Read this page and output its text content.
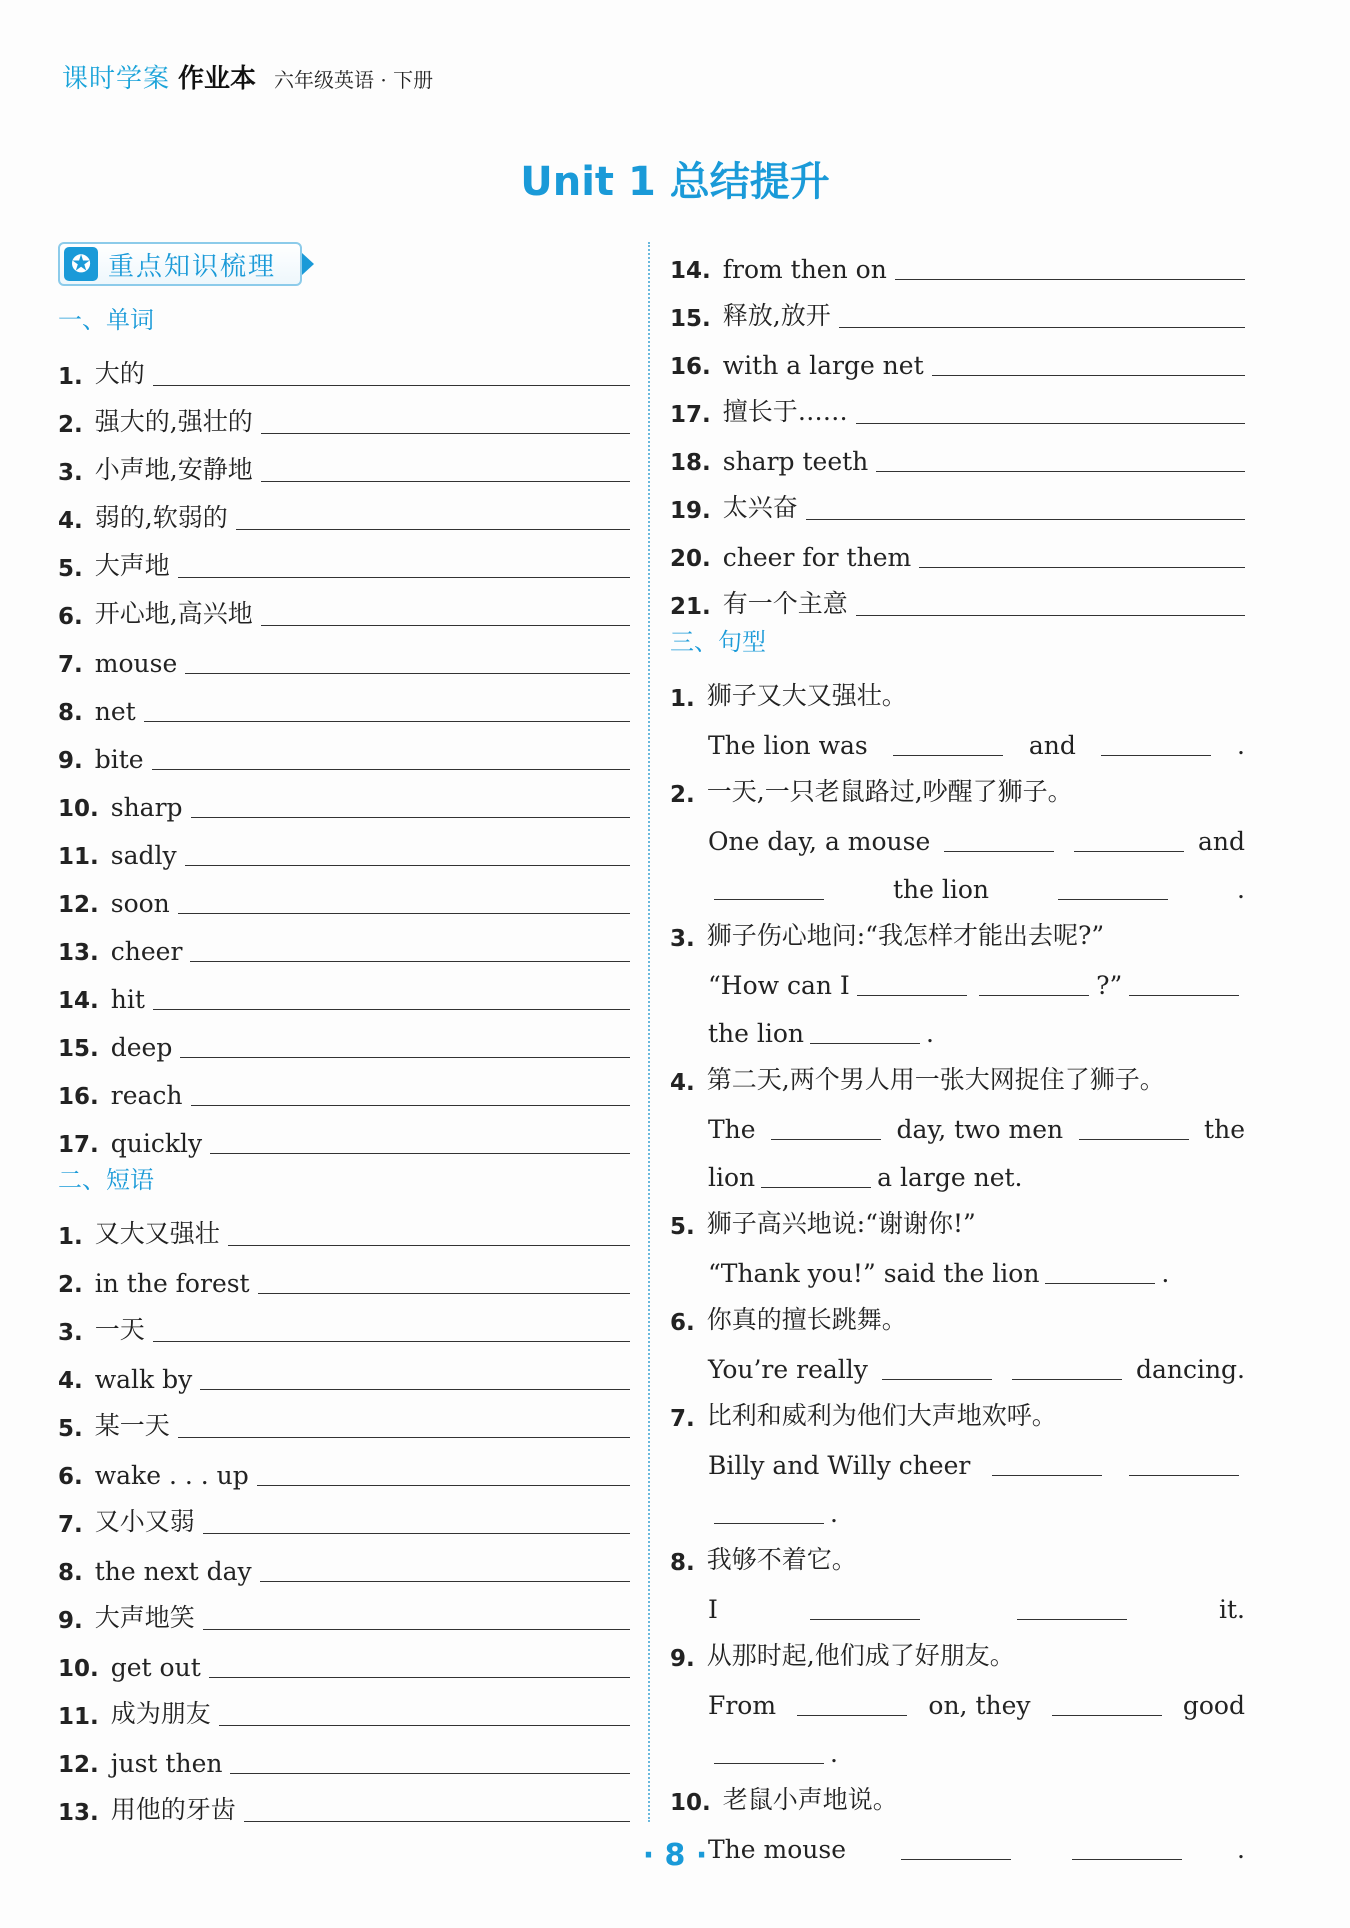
课时学案 作业本 六年级英语 · 下册
Unit 1 总结提升
✪ 重点知识梳理
一、单词
1. 大的
2. 强大的,强壮的
3. 小声地,安静地
4. 弱的,软弱的
5. 大声地
6. 开心地,高兴地
7. mouse
8. net
9. bite
10. sharp
11. sadly
12. soon
13. cheer
14. hit
15. deep
16. reach
17. quickly
二、短语
1. 又大又强壮
2. in the forest
3. 一天
4. walk by
5. 某一天
6. wake . . . up
7. 又小又弱
8. the next day
9. 大声地笑
10. get out
11. 成为朋友
12. just then
13. 用他的牙齿
14. from then on
15. 释放,放开
16. with a large net
17. 擅长于……
18. sharp teeth
19. 太兴奋
20. cheer for them
21. 有一个主意
三、句型
1. 狮子又大又强壮。
The lion was	and	.
2. 一天,一只老鼠路过,吵醒了狮子。
One day, a mouse	and
the lion	.
3. 狮子伤心地问:“我怎样才能出去呢?”
“How can I	?”
the lion	.
4. 第二天,两个男人用一张大网捉住了狮子。
The	day, two men	the
lion	a large net.
5. 狮子高兴地说:“谢谢你!”
“Thank you!” said the lion	.
6. 你真的擅长跳舞。
You’re really	dancing.
7. 比利和威利为他们大声地欢呼。
Billy and Willy cheer
.
8. 我够不着它。
I	it.
9. 从那时起,他们成了好朋友。
From	on, they	good
.
10. 老鼠小声地说。
The mouse	.
· 8 ·
